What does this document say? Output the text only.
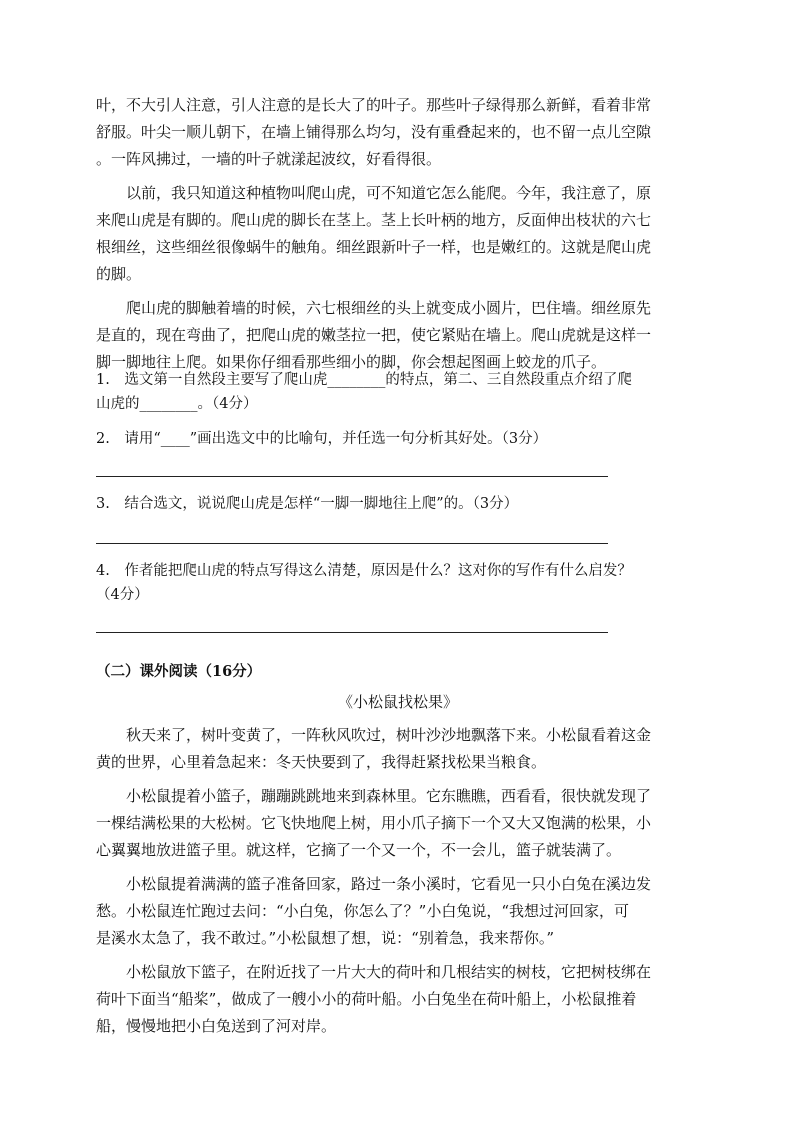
叶，不大引人注意，引人注意的是长大了的叶子。那些叶子绿得那么新鲜，看着非常
舒服。叶尖一顺儿朝下，在墙上铺得那么均匀，没有重叠起来的，也不留一点儿空隙
。一阵风拂过，一墙的叶子就漾起波纹，好看得很。
　　以前，我只知道这种植物叫爬山虎，可不知道它怎么能爬。今年，我注意了，原
来爬山虎是有脚的。爬山虎的脚长在茎上。茎上长叶柄的地方，反面伸出枝状的六七
根细丝，这些细丝很像蜗牛的触角。细丝跟新叶子一样，也是嫩红的。这就是爬山虎
的脚。
　　爬山虎的脚触着墙的时候，六七根细丝的头上就变成小圆片，巴住墙。细丝原先
是直的，现在弯曲了，把爬山虎的嫩茎拉一把，使它紧贴在墙上。爬山虎就是这样一
脚一脚地往上爬。如果你仔细看那些细小的脚，你会想起图画上蛟龙的爪子。
1.　选文第一自然段主要写了爬山虎________的特点，第二、三自然段重点介绍了爬
山虎的________。（4分）
2.　请用“____”画出选文中的比喻句，并任选一句分析其好处。（3分）
3.　结合选文，说说爬山虎是怎样“一脚一脚地往上爬”的。（3分）
4.　作者能把爬山虎的特点写得这么清楚，原因是什么？这对你的写作有什么启发？
（4分）
（二）课外阅读（16分）
《小松鼠找松果》
　　秋天来了，树叶变黄了，一阵秋风吹过，树叶沙沙地飘落下来。小松鼠看着这金
黄的世界，心里着急起来：冬天快要到了，我得赶紧找松果当粮食。
　　小松鼠提着小篮子，蹦蹦跳跳地来到森林里。它东瞧瞧，西看看，很快就发现了
一棵结满松果的大松树。它飞快地爬上树，用小爪子摘下一个又大又饱满的松果，小
心翼翼地放进篮子里。就这样，它摘了一个又一个，不一会儿，篮子就装满了。
　　小松鼠提着满满的篮子准备回家，路过一条小溪时，它看见一只小白兔在溪边发
愁。小松鼠连忙跑过去问：“小白兔，你怎么了？”小白兔说，“我想过河回家，可
是溪水太急了，我不敢过。”小松鼠想了想，说：“别着急，我来帮你。”
　　小松鼠放下篮子，在附近找了一片大大的荷叶和几根结实的树枝，它把树枝绑在
荷叶下面当“船桨”，做成了一艘小小的荷叶船。小白兔坐在荷叶船上，小松鼠推着
船，慢慢地把小白兔送到了河对岸。
